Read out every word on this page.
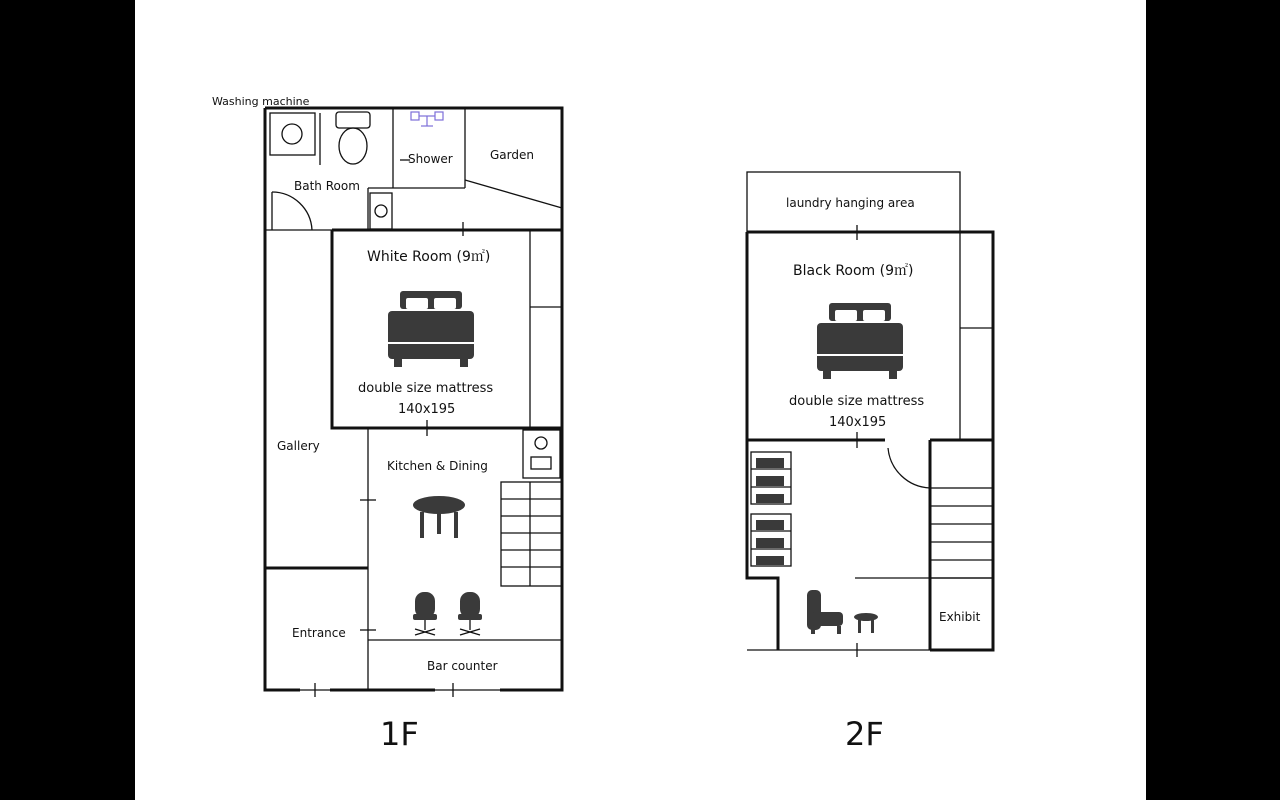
Washing machine
Bath Room
Shower	Garden
White Room (9㎡)
double size mattress
140x195
Gallery
Kitchen & Dining
Entrance
Bar counter
1F
laundry hanging area
Black Room (9㎡)
double size mattress
140x195
Exhibit
2F
